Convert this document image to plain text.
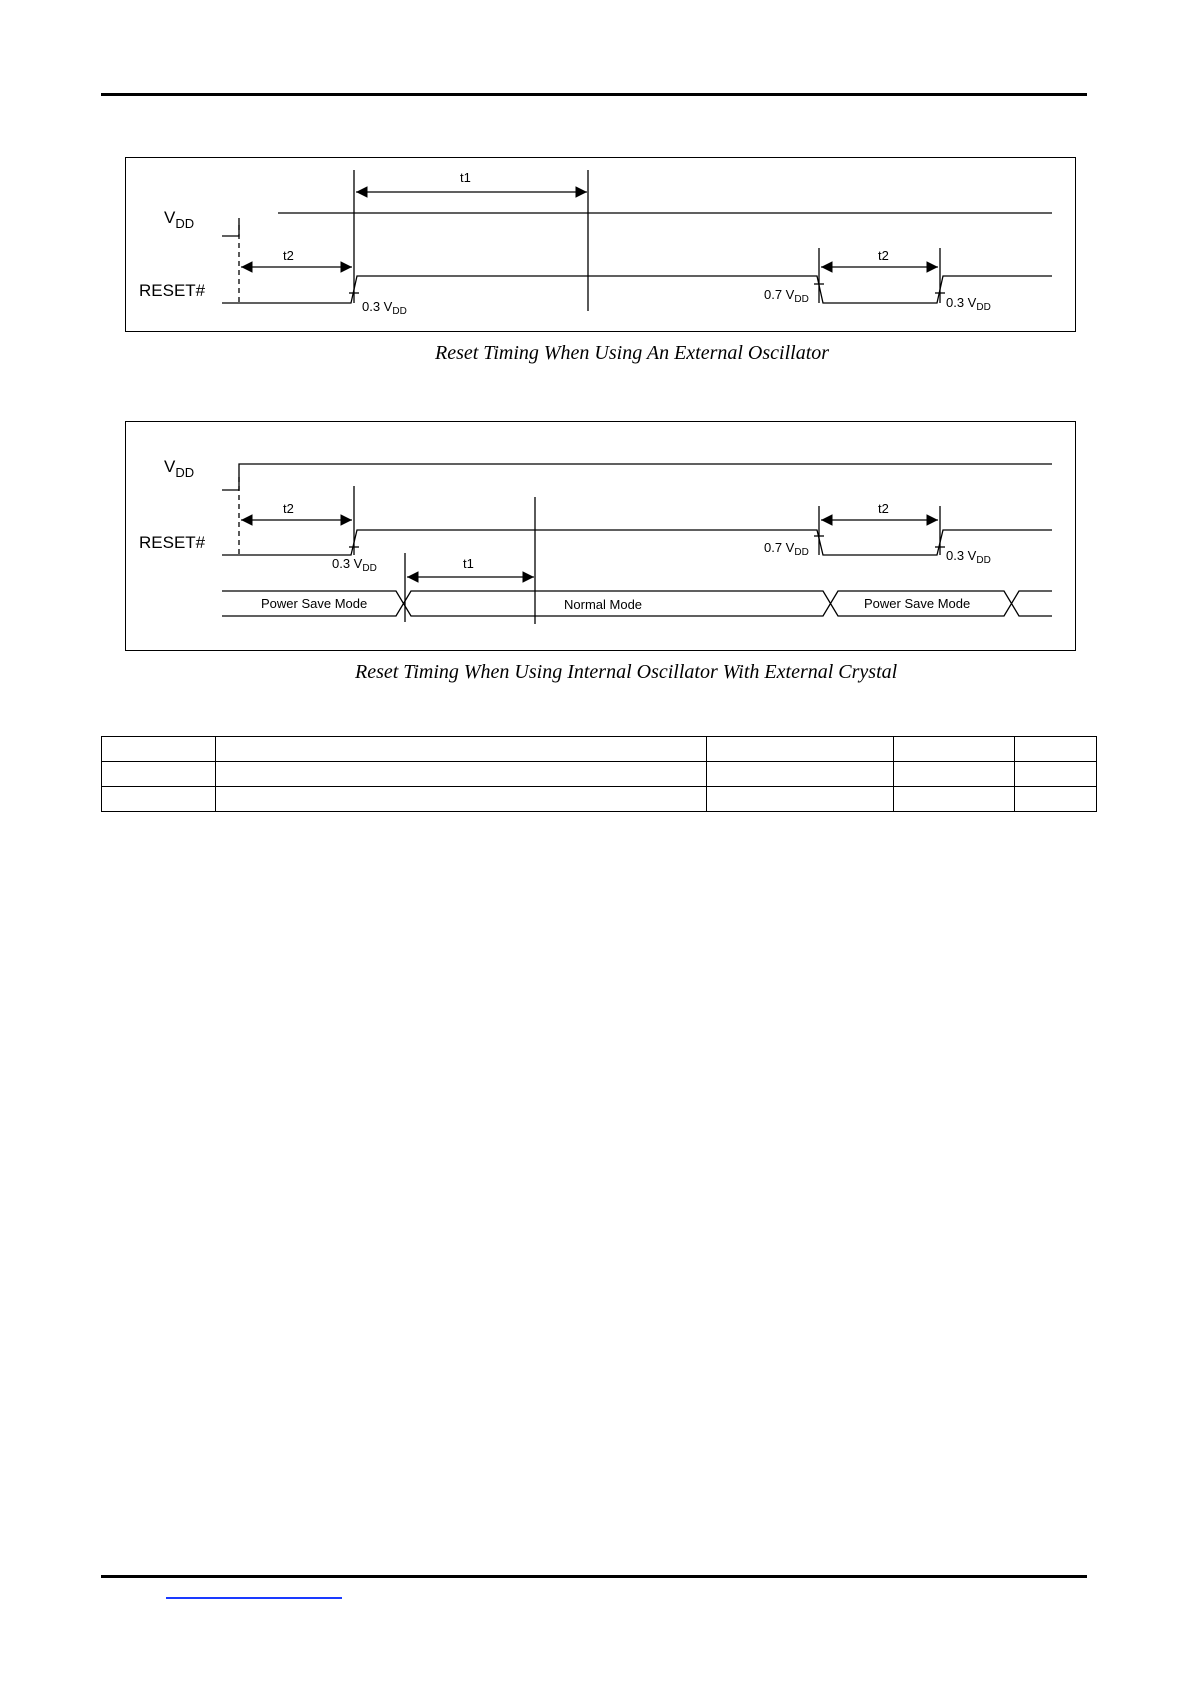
$V_{DD}$
RESET#
t1
t2	t2
0.3 $V_{DD}$
0.7 $V_{DD}$	0.3 $V_{DD}$
Reset Timing When Using An External Oscillator
$V_{DD}$
RESET#
t2
t1
t2
0.3 $V_{DD}$
0.7 $V_{DD}$	0.3 $V_{DD}$
Power Save Mode	Normal Mode	Power Save Mode
Reset Timing When Using Internal Oscillator With External Crystal
